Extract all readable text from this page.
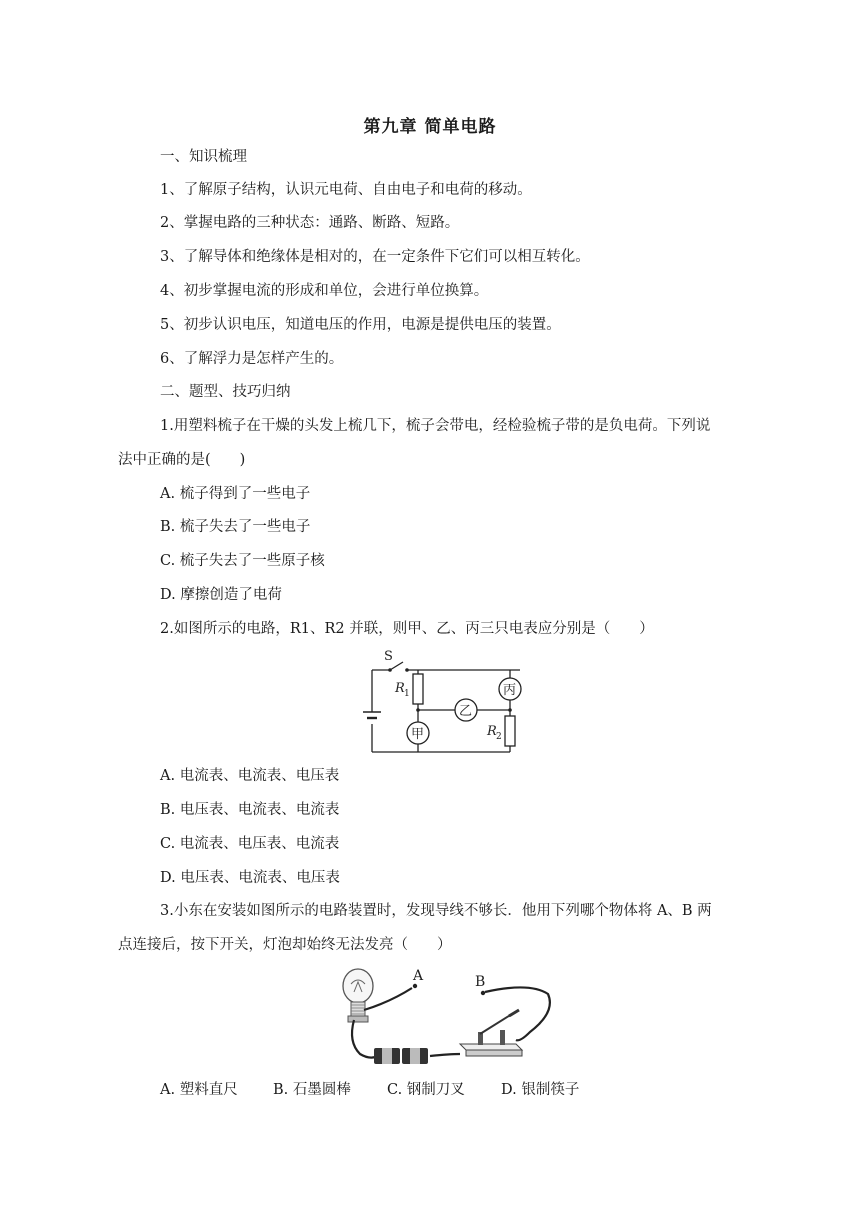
第九章 简单电路
一、知识梳理
1、了解原子结构，认识元电荷、自由电子和电荷的移动。
2、掌握电路的三种状态：通路、断路、短路。
3、了解导体和绝缘体是相对的，在一定条件下它们可以相互转化。
4、初步掌握电流的形成和单位，会进行单位换算。
5、初步认识电压，知道电压的作用，电源是提供电压的装置。
6、了解浮力是怎样产生的。
二、题型、技巧归纳
1.用塑料梳子在干燥的头发上梳几下，梳子会带电，经检验梳子带的是负电荷。下列说
法中正确的是(　　)
A. 梳子得到了一些电子
B. 梳子失去了一些电子
C. 梳子失去了一些原子核
D. 摩擦创造了电荷
2.如图所示的电路，R1、R2 并联，则甲、乙、丙三只电表应分别是（　　）
S
R 1
R 2
甲
乙
丙
A. 电流表、电流表、电压表
B. 电压表、电流表、电流表
C. 电流表、电压表、电流表
D. 电压表、电流表、电压表
3.小东在安装如图所示的电路装置时，发现导线不够长．他用下列哪个物体将 A、B 两
点连接后，按下开关，灯泡却始终无法发亮（　　）
A	B
A. 塑料直尺 B. 石墨圆棒 C. 钢制刀叉 D. 银制筷子
